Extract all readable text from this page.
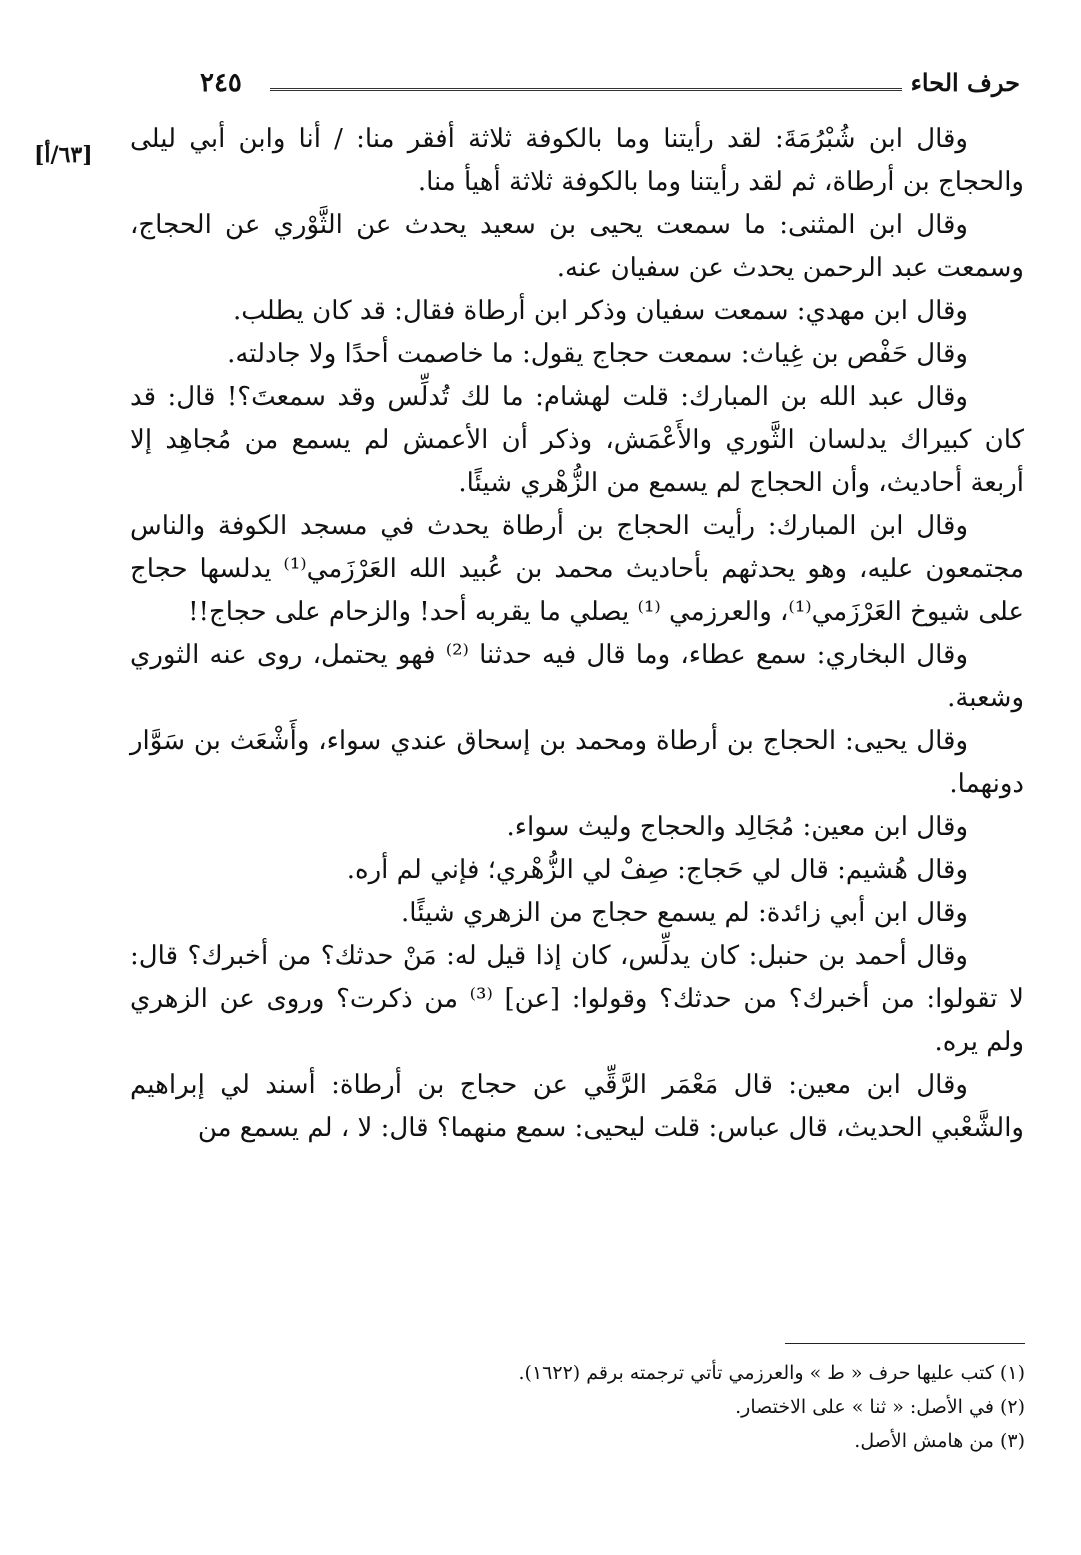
حرف الحاء
٢٤٥
[٦٣/أ]

وقال ابن شُبْرُمَةَ: لقد رأيتنا وما بالكوفة ثلاثة أفقر منا: / أنا وابن أبي ليلى والحجاج بن أرطاة، ثم لقد رأيتنا وما بالكوفة ثلاثة أهيأ منا.

وقال ابن المثنى: ما سمعت يحيى بن سعيد يحدث عن الثَّوْري عن الحجاج، وسمعت عبد الرحمن يحدث عن سفيان عنه.

وقال ابن مهدي: سمعت سفيان وذكر ابن أرطاة فقال: قد كان يطلب.

وقال حَفْص بن غِياث: سمعت حجاج يقول: ما خاصمت أحدًا ولا جادلته.

وقال عبد الله بن المبارك: قلت لهشام: ما لك تُدلِّس وقد سمعتَ؟! قال: قد كان كبيراك يدلسان الثَّوري والأَعْمَش، وذكر أن الأعمش لم يسمع من مُجاهِد إلا أربعة أحاديث، وأن الحجاج لم يسمع من الزُّهْري شيئًا.

وقال ابن المبارك: رأيت الحجاج بن أرطاة يحدث في مسجد الكوفة والناس مجتمعون عليه، وهو يحدثهم بأحاديث محمد بن عُبيد الله العَرْزَمي⁽¹⁾ يدلسها حجاج على شيوخ العَرْزَمي⁽¹⁾، والعرزمي ⁽¹⁾ يصلي ما يقربه أحد! والزحام على حجاج!!

وقال البخاري: سمع عطاء، وما قال فيه حدثنا ⁽²⁾ فهو يحتمل، روى عنه الثوري وشعبة.

وقال يحيى: الحجاج بن أرطاة ومحمد بن إسحاق عندي سواء، وأَشْعَث بن سَوَّار دونهما.

وقال ابن معين: مُجَالِد والحجاج وليث سواء.

وقال هُشيم: قال لي حَجاج: صِفْ لي الزُّهْري؛ فإني لم أره.

وقال ابن أبي زائدة: لم يسمع حجاج من الزهري شيئًا.

وقال أحمد بن حنبل: كان يدلِّس، كان إذا قيل له: مَنْ حدثك؟ من أخبرك؟ قال: لا تقولوا: من أخبرك؟ من حدثك؟ وقولوا: [عن] ⁽³⁾ من ذكرت؟ وروى عن الزهري ولم يره.

وقال ابن معين: قال مَعْمَر الرَّقِّي عن حجاج بن أرطاة: أسند لي إبراهيم والشَّعْبي الحديث، قال عباس: قلت ليحيى: سمع منهما؟ قال: لا ، لم يسمع من

(١) كتب عليها حرف « ط » والعرزمي تأتي ترجمته برقم (١٦٢٢).

(٢) في الأصل: « ثنا » على الاختصار.

(٣) من هامش الأصل.
